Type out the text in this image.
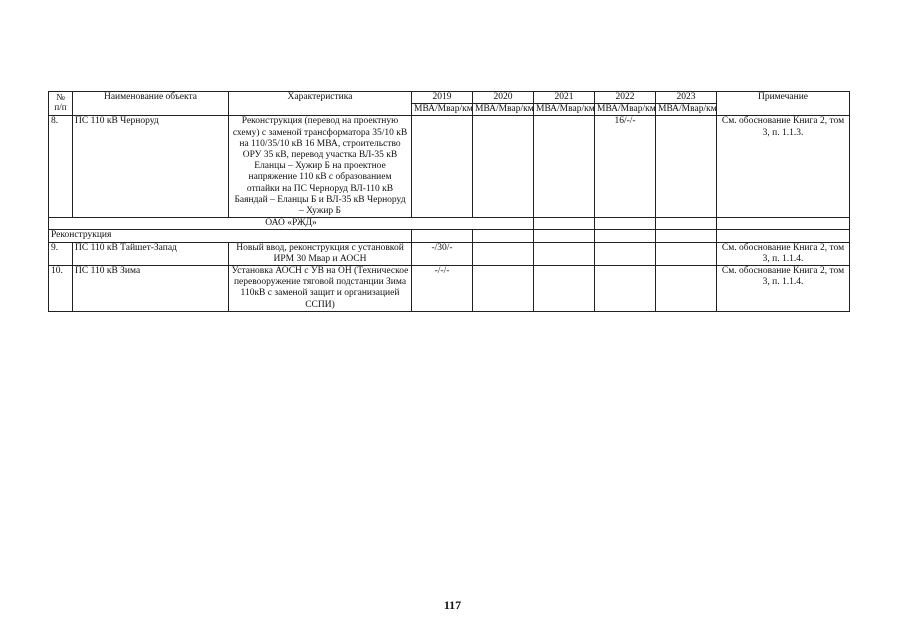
№
п/п	Наименование объекта	Характеристика	2019	2020	2021	2022	2023	Примечание
			МВА/Мвар/км	МВА/Мвар/км	МВА/Мвар/км	МВА/Мвар/км	МВА/Мвар/км	
8.	ПС 110 кВ Черноруд	Реконструкция (перевод на проектную схему) с заменой трансформатора 35/10 кВ на 110/35/10 кВ 16 МВА, строительство ОРУ 35 кВ, перевод участка ВЛ-35 кВ Еланцы – Хужир Б на проектное напряжение 110 кВ с образованием отпайки на ПС Черноруд ВЛ-110 кВ Баяндай – Еланцы Б и ВЛ-35 кВ Черноруд – Хужир Б				16/-/-		См. обоснование Книга 2, том 3, п. 1.1.3.
ОАО «РЖД»								
Реконструкция								
9.	ПС 110 кВ Тайшет-Запад	Новый ввод, реконструкция с установкой ИРМ 30 Мвар и АОСН	-/30/-					См. обоснование Книга 2, том 3, п. 1.1.4.
10.	ПС 110 кВ Зима	Установка АОСН с УВ на ОН (Техническое перевооружение тяговой подстанции Зима 110кВ с заменой защит и организацией ССПИ)	-/-/-					См. обоснование Книга 2, том 3, п. 1.1.4.
117
